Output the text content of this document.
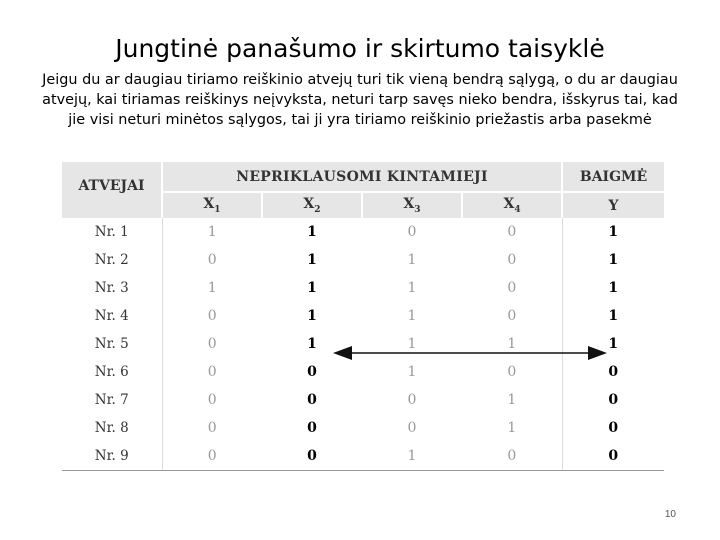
Jungtinė panašumo ir skirtumo taisyklė
Jeigu du ar daugiau tiriamo reiškinio atvejų turi tik vieną bendrą sąlygą, o du ar daugiau atvejų, kai tiriamas reiškinys neįvyksta, neturi tarp savęs nieko bendra, išskyrus tai, kad jie visi neturi minėtos sąlygos, tai ji yra tiriamo reiškinio priežastis arba pasekmė
ATVEJAI	NEPRIKLAUSOMI KINTAMIEJI				BAIGMĖ
	$X_1$	$X_2$	$X_3$	$X_4$	Y
Nr. 1	1	1	0	0	1
Nr. 2	0	1	1	0	1
Nr. 3	1	1	1	0	1
Nr. 4	0	1	1	0	1
Nr. 5	0	1	1	1	1
Nr. 6	0	0	1	0	0
Nr. 7	0	0	0	1	0
Nr. 8	0	0	0	1	0
Nr. 9	0	0	1	0	0
10
